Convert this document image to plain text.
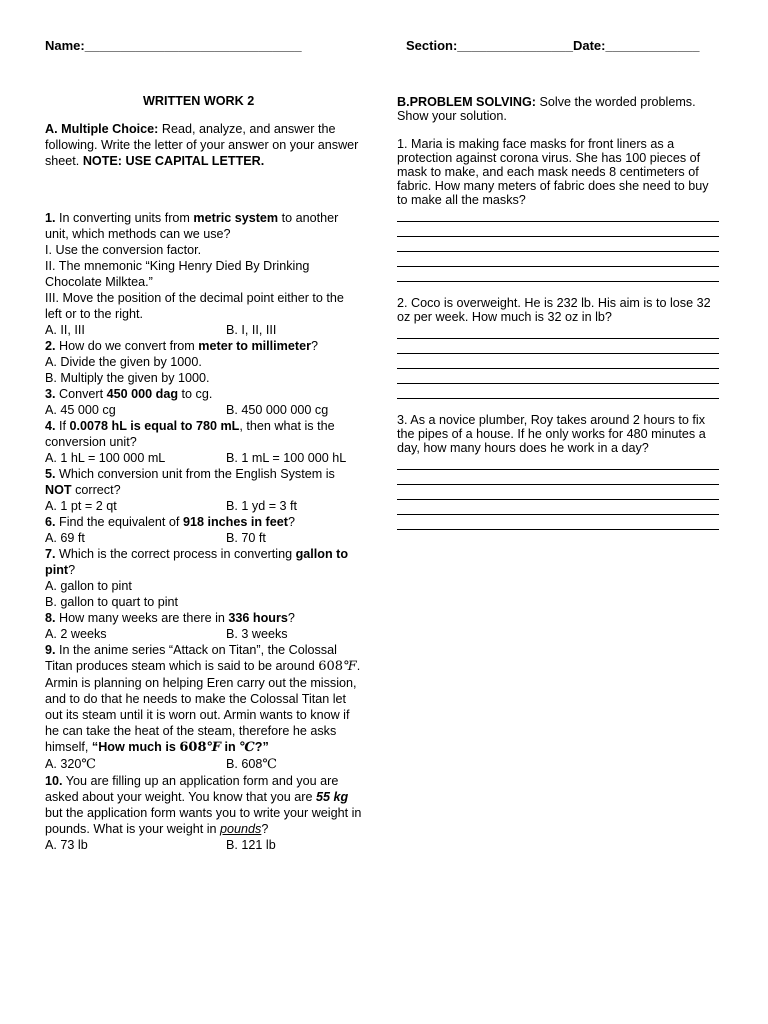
Name:______________________________	Section:________________Date:_____________
WRITTEN WORK 2
A. Multiple Choice: Read, analyze, and answer the following. Write the letter of your answer on your answer sheet. NOTE: USE CAPITAL LETTER.
1. In converting units from metric system to another unit, which methods can we use?
I. Use the conversion factor.
II. The mnemonic “King Henry Died By Drinking Chocolate Milktea.”
III. Move the position of the decimal point either to the left or to the right.
A. II, III	B. I, II, III
2. How do we convert from meter to millimeter?
A. Divide the given by 1000.
B. Multiply the given by 1000.
3. Convert 450 000 dag to cg.
A. 45 000 cg	B. 450 000 000 cg
4. If 0.0078 hL is equal to 780 mL, then what is the conversion unit?
A. 1 hL = 100 000 mL	B. 1 mL = 100 000 hL
5. Which conversion unit from the English System is NOT correct?
A. 1 pt = 2 qt	B. 1 yd = 3 ft
6. Find the equivalent of 918 inches in feet?
A. 69 ft	B. 70 ft
7. Which is the correct process in converting gallon to pint?
A. gallon to pint
B. gallon to quart to pint
8. How many weeks are there in 336 hours?
A. 2 weeks	B. 3 weeks
9. In the anime series “Attack on Titan”, the Colossal Titan produces steam which is said to be around 608℉. Armin is planning on helping Eren carry out the mission, and to do that he needs to make the Colossal Titan let out its steam until it is worn out. Armin wants to know if he can take the heat of the steam, therefore he asks himself, “How much is 608℉ in ℃?”
A. 320℃	B. 608℃
10. You are filling up an application form and you are asked about your weight. You know that you are 55 kg but the application form wants you to write your weight in pounds. What is your weight in pounds?
A. 73 lb	B. 121 lb
B.PROBLEM SOLVING: Solve the worded problems. Show your solution.
1. Maria is making face masks for front liners as a protection against corona virus. She has 100 pieces of mask to make, and each mask needs 8 centimeters of fabric. How many meters of fabric does she need to buy to make all the masks?
2. Coco is overweight. He is 232 lb. His aim is to lose 32 oz per week. How much is 32 oz in lb?
3. As a novice plumber, Roy takes around 2 hours to fix the pipes of a house. If he only works for 480 minutes a day, how many hours does he work in a day?
